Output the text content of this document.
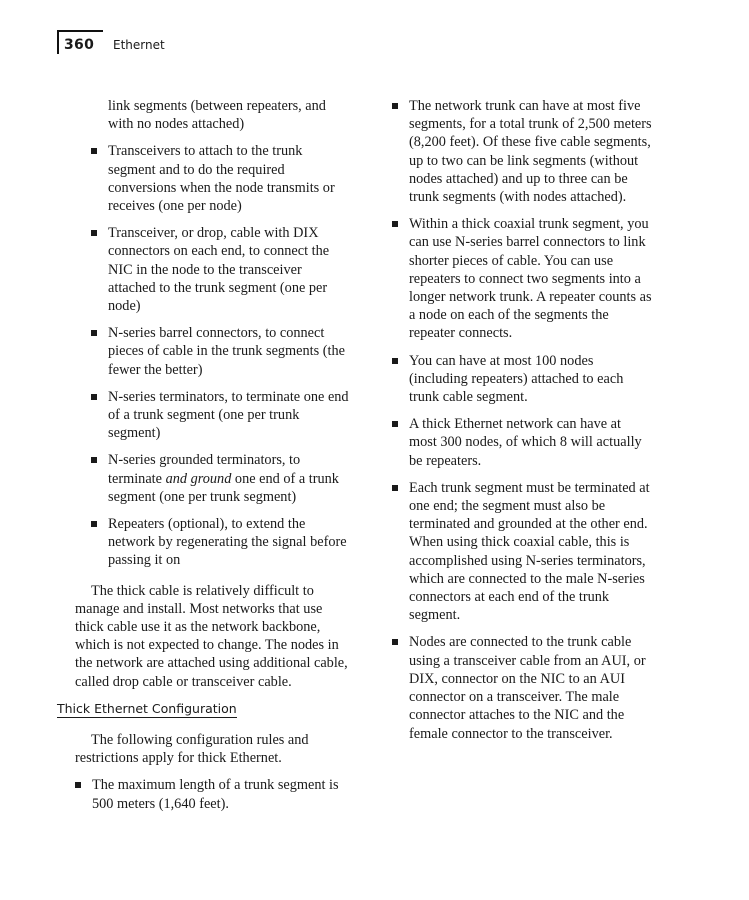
360 Ethernet
link segments (between repeaters, and with no nodes attached)
Transceivers to attach to the trunk segment and to do the required conversions when the node transmits or receives (one per node)
Transceiver, or drop, cable with DIX connectors on each end, to connect the NIC in the node to the transceiver attached to the trunk segment (one per node)
N-series barrel connectors, to connect pieces of cable in the trunk segments (the fewer the better)
N-series terminators, to terminate one end of a trunk segment (one per trunk segment)
N-series grounded terminators, to terminate and ground one end of a trunk segment (one per trunk segment)
Repeaters (optional), to extend the network by regenerating the signal before passing it on

The thick cable is relatively difficult to manage and install. Most networks that use thick cable use it as the network backbone, which is not expected to change. The nodes in the network are attached using additional cable, called drop cable or transceiver cable.

Thick Ethernet Configuration

The following configuration rules and restrictions apply for thick Ethernet.

The maximum length of a trunk segment is 500 meters (1,640 feet).
The network trunk can have at most five segments, for a total trunk of 2,500 meters (8,200 feet). Of these five cable segments, up to two can be link segments (without nodes attached) and up to three can be trunk segments (with nodes attached).
Within a thick coaxial trunk segment, you can use N-series barrel connectors to link shorter pieces of cable. You can use repeaters to connect two segments into a longer network trunk. A repeater counts as a node on each of the segments the repeater connects.
You can have at most 100 nodes (including repeaters) attached to each trunk cable segment.
A thick Ethernet network can have at most 300 nodes, of which 8 will actually be repeaters.
Each trunk segment must be terminated at one end; the segment must also be terminated and grounded at the other end. When using thick coaxial cable, this is accomplished using N-series terminators, which are connected to the male N-series connectors at each end of the trunk segment.
Nodes are connected to the trunk cable using a transceiver cable from an AUI, or DIX, connector on the NIC to an AUI connector on a transceiver. The male connector attaches to the NIC and the female connector to the transceiver.
